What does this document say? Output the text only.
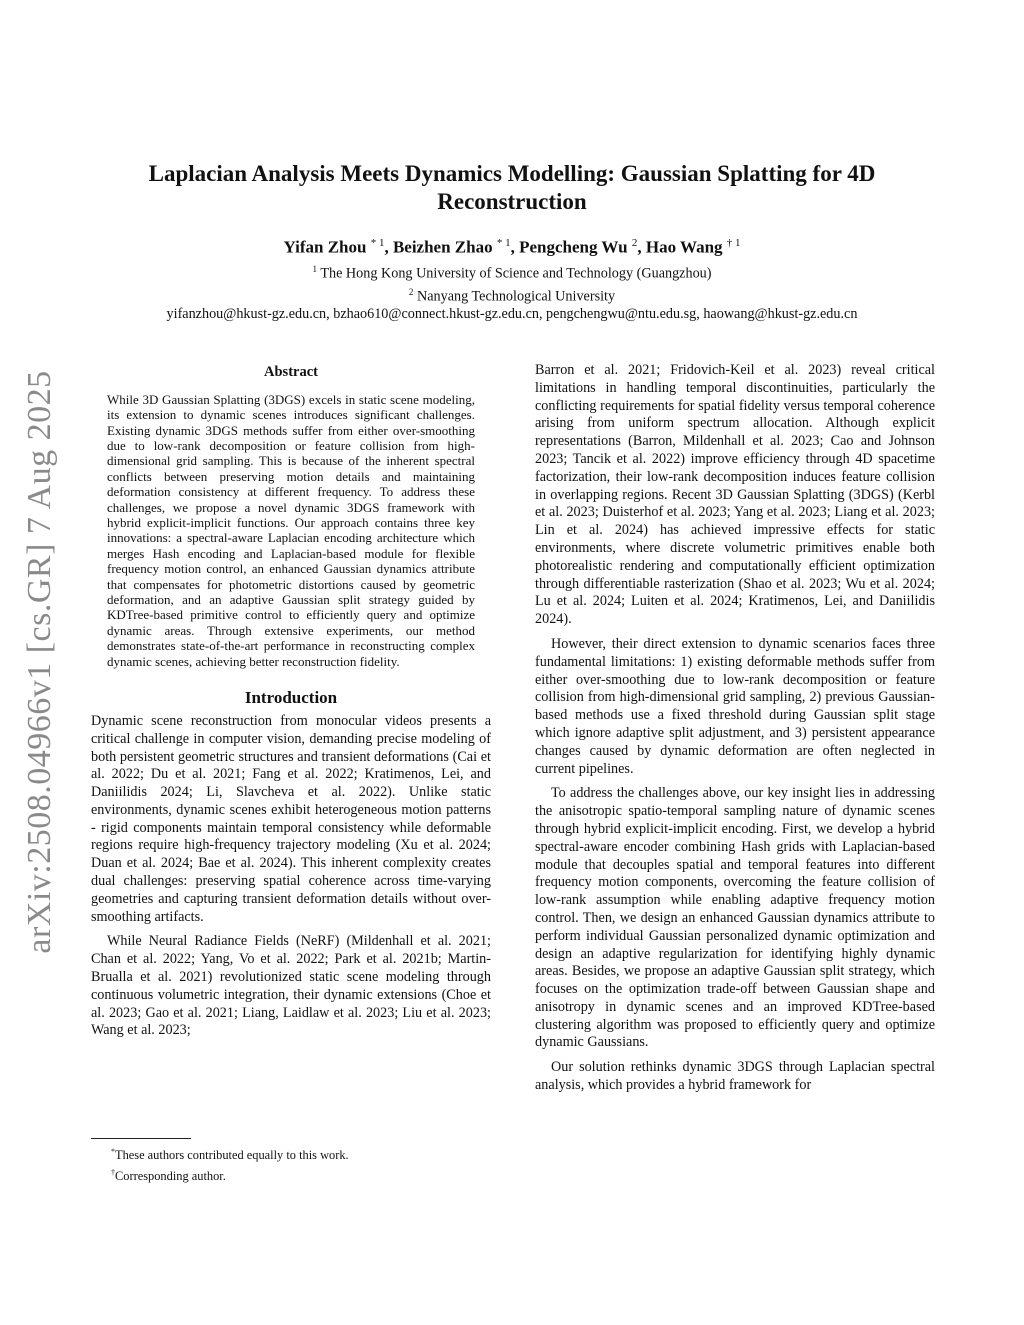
arXiv:2508.04966v1 [cs.GR] 7 Aug 2025
Laplacian Analysis Meets Dynamics Modelling: Gaussian Splatting for 4D Reconstruction
Yifan Zhou $^{* 1}$, Beizhen Zhao $^{* 1}$, Pengcheng Wu $^2$, Hao Wang $^{\dagger 1}$
$^1$ The Hong Kong University of Science and Technology (Guangzhou)
$^2$ Nanyang Technological University
yifanzhou@hkust-gz.edu.cn, bzhao610@connect.hkust-gz.edu.cn, pengchengwu@ntu.edu.sg, haowang@hkust-gz.edu.cn
Abstract

While 3D Gaussian Splatting (3DGS) excels in static scene modeling, its extension to dynamic scenes introduces significant challenges. Existing dynamic 3DGS methods suffer from either over-smoothing due to low-rank decomposition or feature collision from high-dimensional grid sampling. This is because of the inherent spectral conflicts between preserving motion details and maintaining deformation consistency at different frequency. To address these challenges, we propose a novel dynamic 3DGS framework with hybrid explicit-implicit functions. Our approach contains three key innovations: a spectral-aware Laplacian encoding architecture which merges Hash encoding and Laplacian-based module for flexible frequency motion control, an enhanced Gaussian dynamics attribute that compensates for photometric distortions caused by geometric deformation, and an adaptive Gaussian split strategy guided by KDTree-based primitive control to efficiently query and optimize dynamic areas. Through extensive experiments, our method demonstrates state-of-the-art performance in reconstructing complex dynamic scenes, achieving better reconstruction fidelity.

Introduction

Dynamic scene reconstruction from monocular videos presents a critical challenge in computer vision, demanding precise modeling of both persistent geometric structures and transient deformations (Cai et al. 2022; Du et al. 2021; Fang et al. 2022; Kratimenos, Lei, and Daniilidis 2024; Li, Slavcheva et al. 2022). Unlike static environments, dynamic scenes exhibit heterogeneous motion patterns - rigid components maintain temporal consistency while deformable regions require high-frequency trajectory modeling (Xu et al. 2024; Duan et al. 2024; Bae et al. 2024). This inherent complexity creates dual challenges: preserving spatial coherence across time-varying geometries and capturing transient deformation details without over-smoothing artifacts.

While Neural Radiance Fields (NeRF) (Mildenhall et al. 2021; Chan et al. 2022; Yang, Vo et al. 2022; Park et al. 2021b; Martin-Brualla et al. 2021) revolutionized static scene modeling through continuous volumetric integration, their dynamic extensions (Choe et al. 2023; Gao et al. 2021; Liang, Laidlaw et al. 2023; Liu et al. 2023; Wang et al. 2023;

*These authors contributed equally to this work.
†Corresponding author.

Barron et al. 2021; Fridovich-Keil et al. 2023) reveal critical limitations in handling temporal discontinuities, particularly the conflicting requirements for spatial fidelity versus temporal coherence arising from uniform spectrum allocation. Although explicit representations (Barron, Mildenhall et al. 2023; Cao and Johnson 2023; Tancik et al. 2022) improve efficiency through 4D spacetime factorization, their low-rank decomposition induces feature collision in overlapping regions. Recent 3D Gaussian Splatting (3DGS) (Kerbl et al. 2023; Duisterhof et al. 2023; Yang et al. 2023; Liang et al. 2023; Lin et al. 2024) has achieved impressive effects for static environments, where discrete volumetric primitives enable both photorealistic rendering and computationally efficient optimization through differentiable rasterization (Shao et al. 2023; Wu et al. 2024; Lu et al. 2024; Luiten et al. 2024; Kratimenos, Lei, and Daniilidis 2024).

However, their direct extension to dynamic scenarios faces three fundamental limitations: 1) existing deformable methods suffer from either over-smoothing due to low-rank decomposition or feature collision from high-dimensional grid sampling, 2) previous Gaussian-based methods use a fixed threshold during Gaussian split stage which ignore adaptive split adjustment, and 3) persistent appearance changes caused by dynamic deformation are often neglected in current pipelines.

To address the challenges above, our key insight lies in addressing the anisotropic spatio-temporal sampling nature of dynamic scenes through hybrid explicit-implicit encoding. First, we develop a hybrid spectral-aware encoder combining Hash grids with Laplacian-based module that decouples spatial and temporal features into different frequency motion components, overcoming the feature collision of low-rank assumption while enabling adaptive frequency motion control. Then, we design an enhanced Gaussian dynamics attribute to perform individual Gaussian personalized dynamic optimization and design an adaptive regularization for identifying highly dynamic areas. Besides, we propose an adaptive Gaussian split strategy, which focuses on the optimization trade-off between Gaussian shape and anisotropy in dynamic scenes and an improved KDTree-based clustering algorithm was proposed to efficiently query and optimize dynamic Gaussians.

Our solution rethinks dynamic 3DGS through Laplacian spectral analysis, which provides a hybrid framework for
